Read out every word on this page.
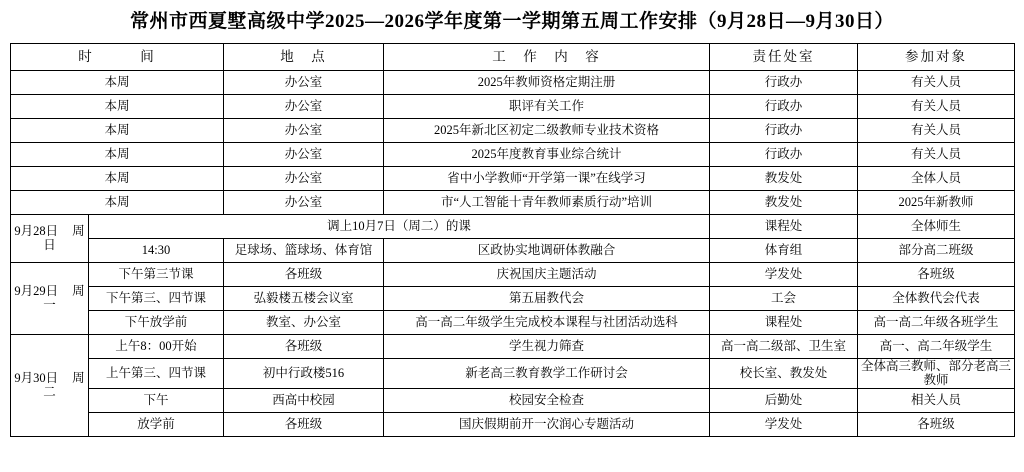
常州市西夏墅高级中学2025—2026学年度第一学期第五周工作安排（9月28日—9月30日）
时　　　间		地　点	工　作　内　容	责任处室	参加对象
本周		办公室	2025年教师资格定期注册	行政办	有关人员
本周		办公室	职评有关工作	行政办	有关人员
本周		办公室	2025年新北区初定二级教师专业技术资格	行政办	有关人员
本周		办公室	2025年度教育事业综合统计	行政办	有关人员
本周		办公室	省中小学教师“开学第一课”在线学习	教发处	全体人员
本周		办公室	市“人工智能十青年教师素质行动”培训	教发处	2025年新教师
9月28日 周日	调上10月7日（周二）的课			课程处	全体师生
	14:30	足球场、篮球场、体育馆	区政协实地调研体教融合	体育组	部分高二班级
9月29日 周一	下午第三节课	各班级	庆祝国庆主题活动	学发处	各班级
	下午第三、四节课	弘毅楼五楼会议室	第五届教代会	工会	全体教代会代表
	下午放学前	教室、办公室	高一高二年级学生完成校本课程与社团活动选科	课程处	高一高二年级各班学生
9月30日 周二	上午8：00开始	各班级	学生视力筛查	高一高二级部、卫生室	高一、高二年级学生
	上午第三、四节课	初中行政楼516	新老高三教育教学工作研讨会	校长室、教发处	全体高三教师、部分老高三教师
	下午	西高中校园	校园安全检查	后勤处	相关人员
	放学前	各班级	国庆假期前开一次润心专题活动	学发处	各班级
